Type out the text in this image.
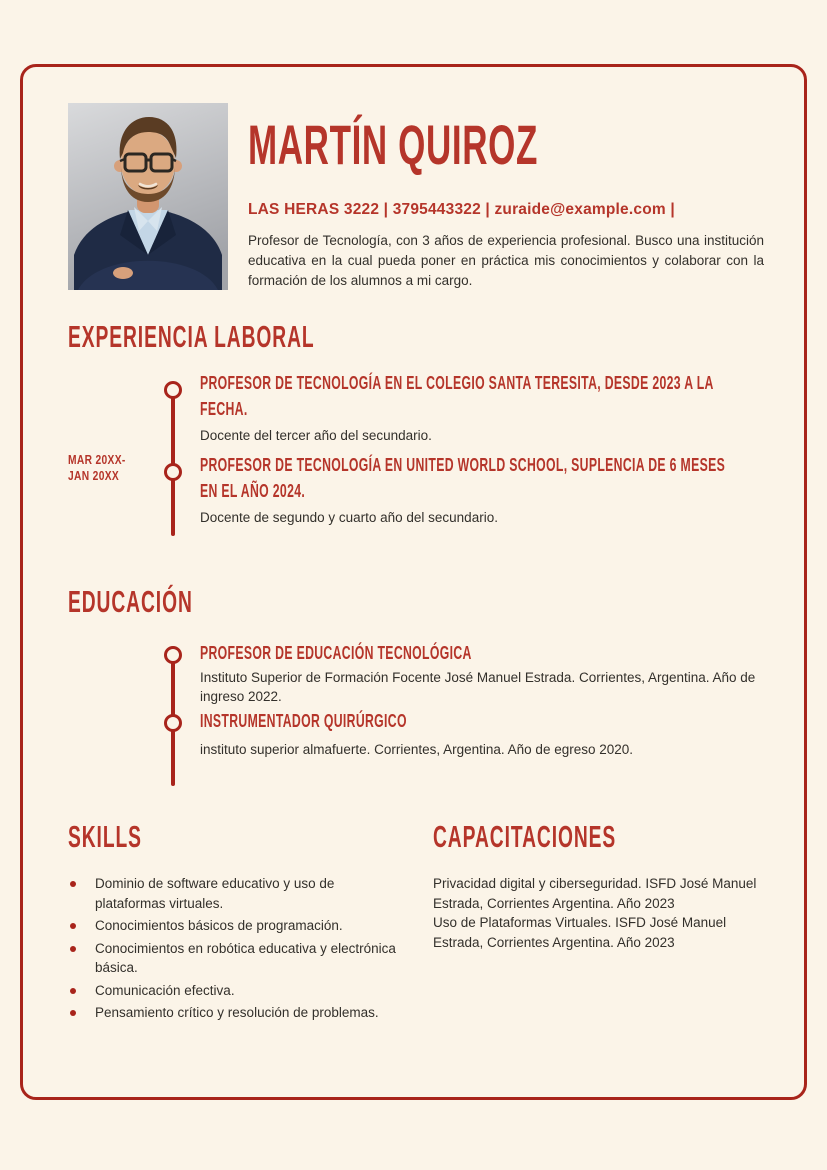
MARTÍN QUIROZ
LAS HERAS 3222 | 3795443322 | zuraide@example.com |
Profesor de Tecnología, con 3 años de experiencia profesional. Busco una institución educativa en la cual pueda poner en práctica mis conocimientos y colaborar con la formación de los alumnos a mi cargo.
EXPERIENCIA LABORAL
PROFESOR DE TECNOLOGÍA EN EL COLEGIO SANTA TERESITA, DESDE 2023 A LA FECHA.
Docente del tercer año del secundario.
MAR 20XX-
JAN 20XX
PROFESOR DE TECNOLOGÍA EN UNITED WORLD SCHOOL, SUPLENCIA DE 6 MESES EN EL AÑO 2024.
Docente de segundo y cuarto año del secundario.
EDUCACIÓN
PROFESOR DE EDUCACIÓN TECNOLÓGICA
Instituto Superior de Formación Focente José Manuel Estrada. Corrientes, Argentina. Año de ingreso 2022.
INSTRUMENTADOR QUIRÚRGICO
instituto superior almafuerte. Corrientes, Argentina. Año de egreso 2020.
SKILLS
Dominio de software educativo y uso de plataformas virtuales.
Conocimientos básicos de programación.
Conocimientos en robótica educativa y electrónica básica.
Comunicación efectiva.
Pensamiento crítico y resolución de problemas.
CAPACITACIONES

Privacidad digital y ciberseguridad. ISFD José Manuel Estrada, Corrientes Argentina. Año 2023

Uso de Plataformas Virtuales. ISFD José Manuel Estrada, Corrientes Argentina. Año 2023
